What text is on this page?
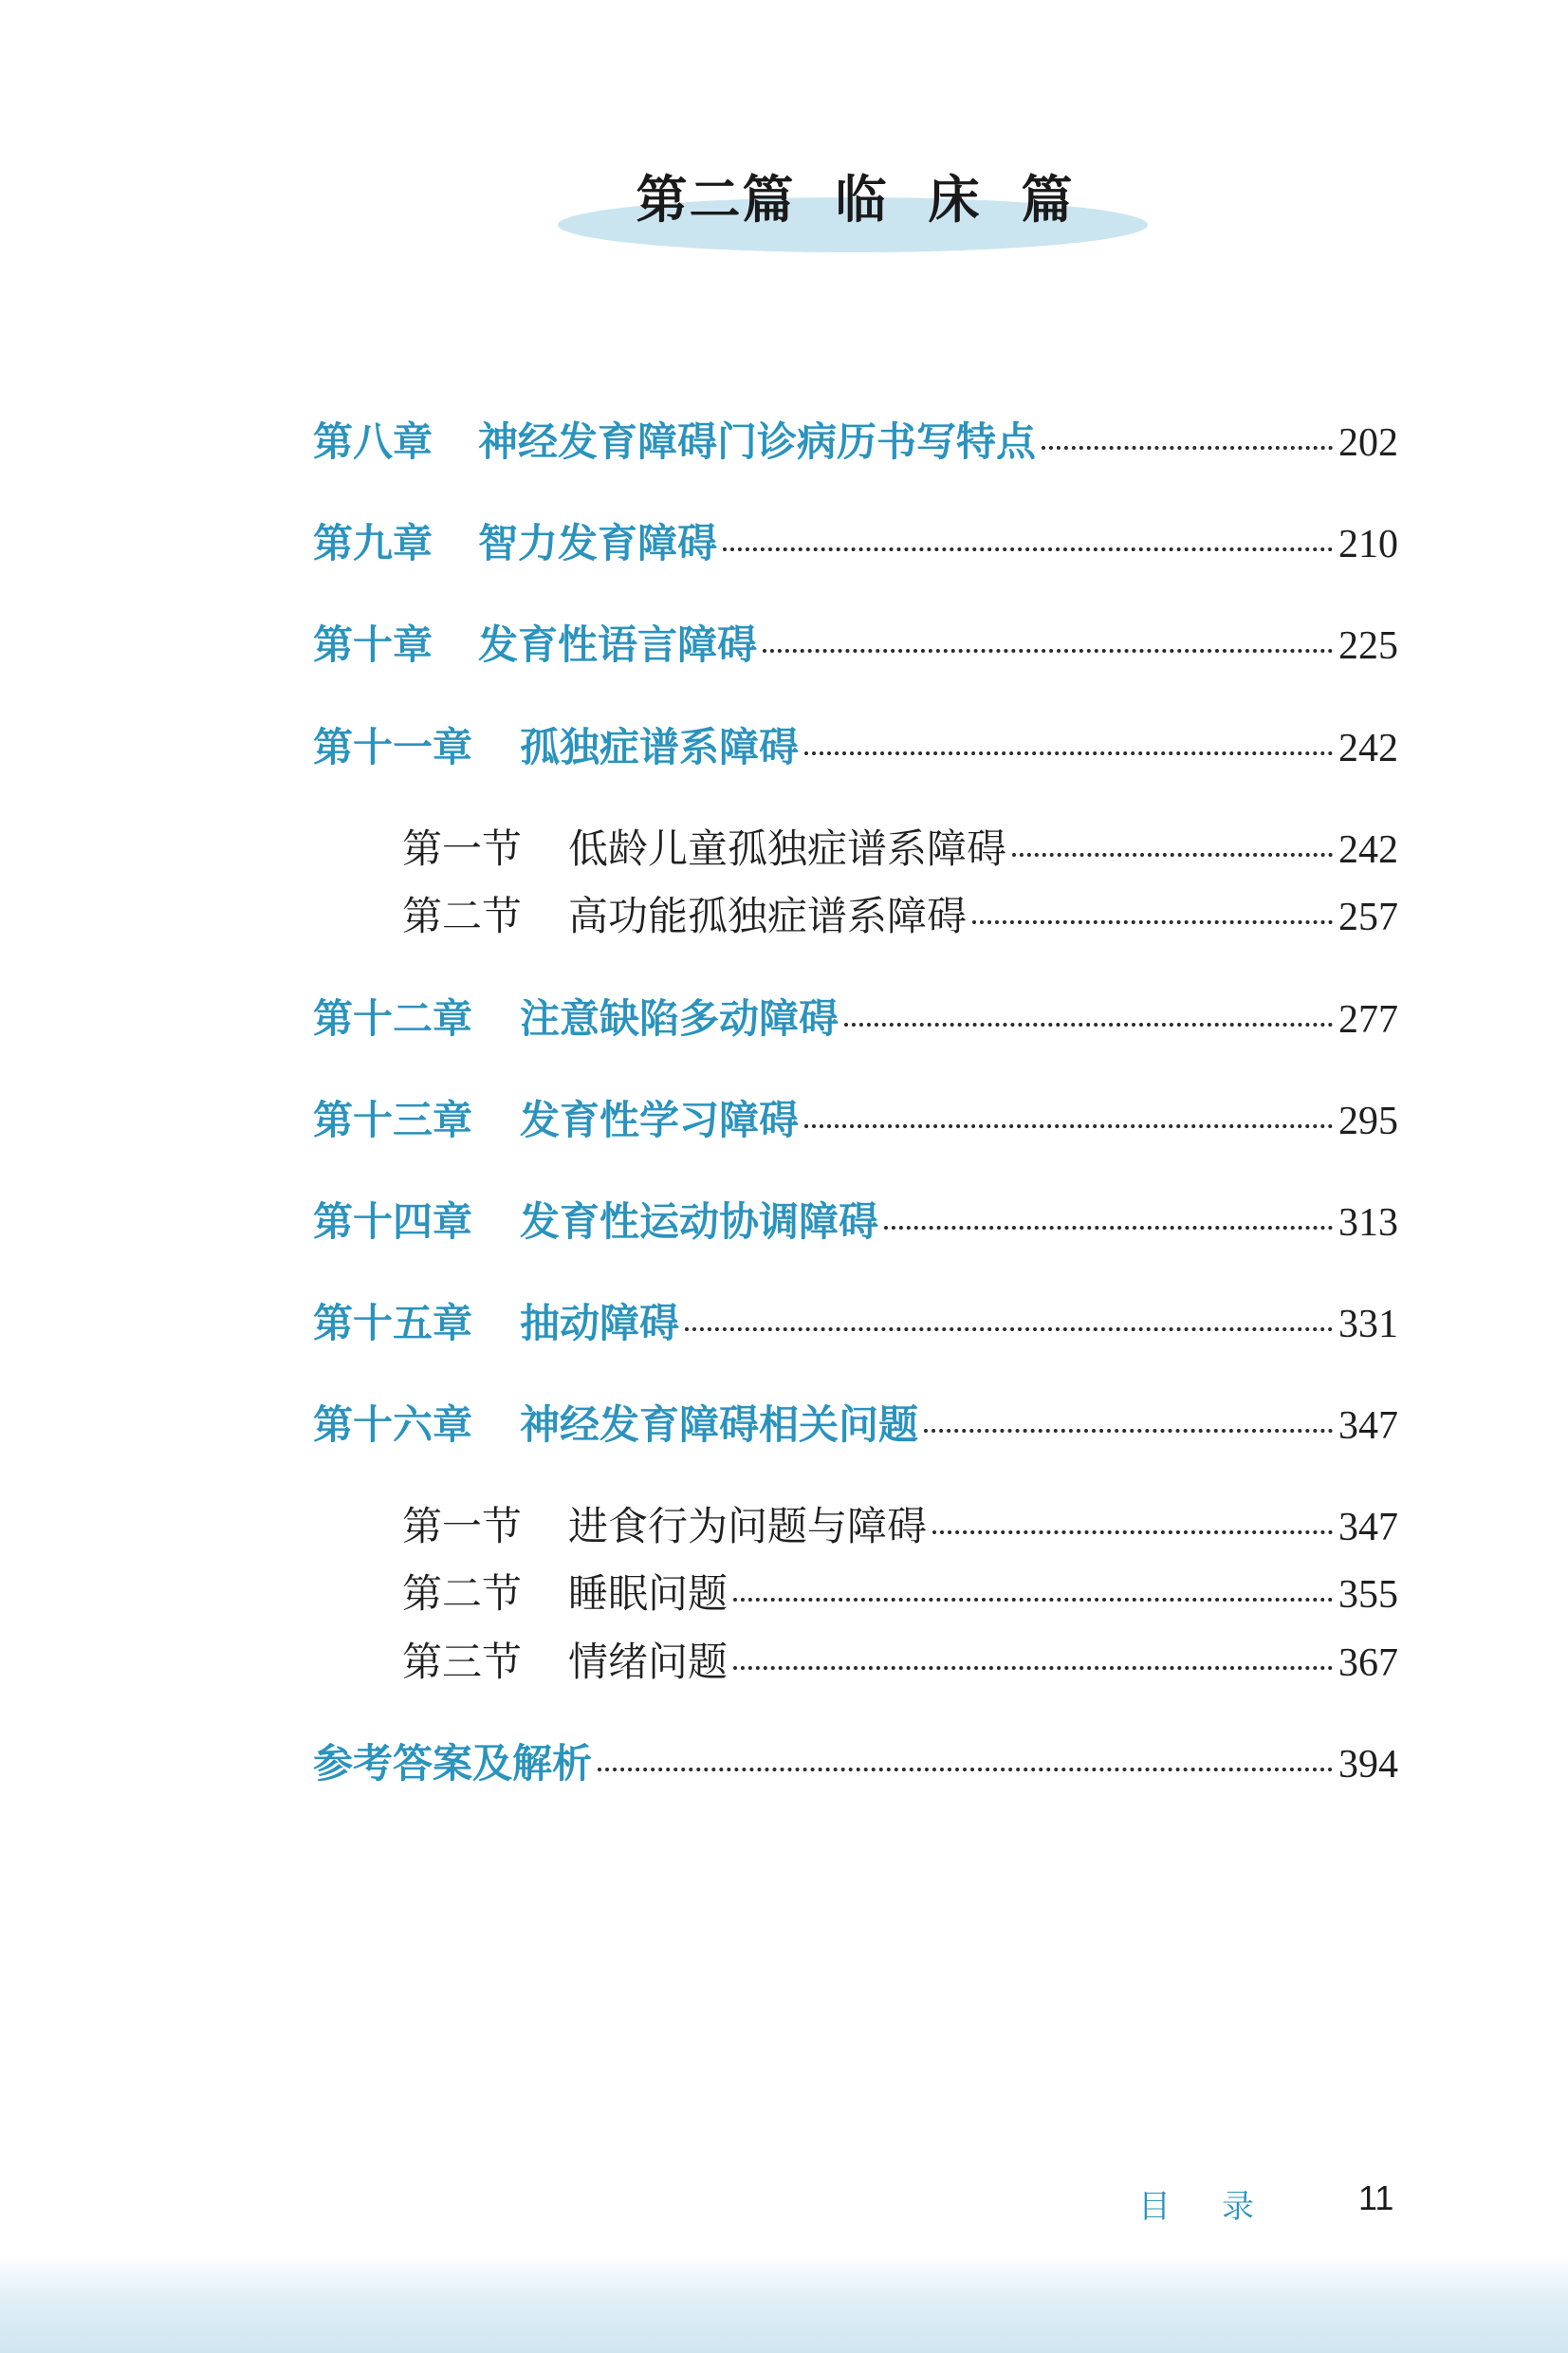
第二篇 临 床 篇
第八章 神经发育障碍门诊病历书写特点	202
第九章 智力发育障碍	210
第十章 发育性语言障碍	225
第十一章 孤独症谱系障碍	242
第一节 低龄儿童孤独症谱系障碍	242
第二节 高功能孤独症谱系障碍	257
第十二章 注意缺陷多动障碍	277
第十三章 发育性学习障碍	295
第十四章 发育性运动协调障碍	313
第十五章 抽动障碍	331
第十六章 神经发育障碍相关问题	347
第一节 进食行为问题与障碍	347
第二节 睡眠问题	355
第三节 情绪问题	367
参考答案及解析	394
目 录	11
